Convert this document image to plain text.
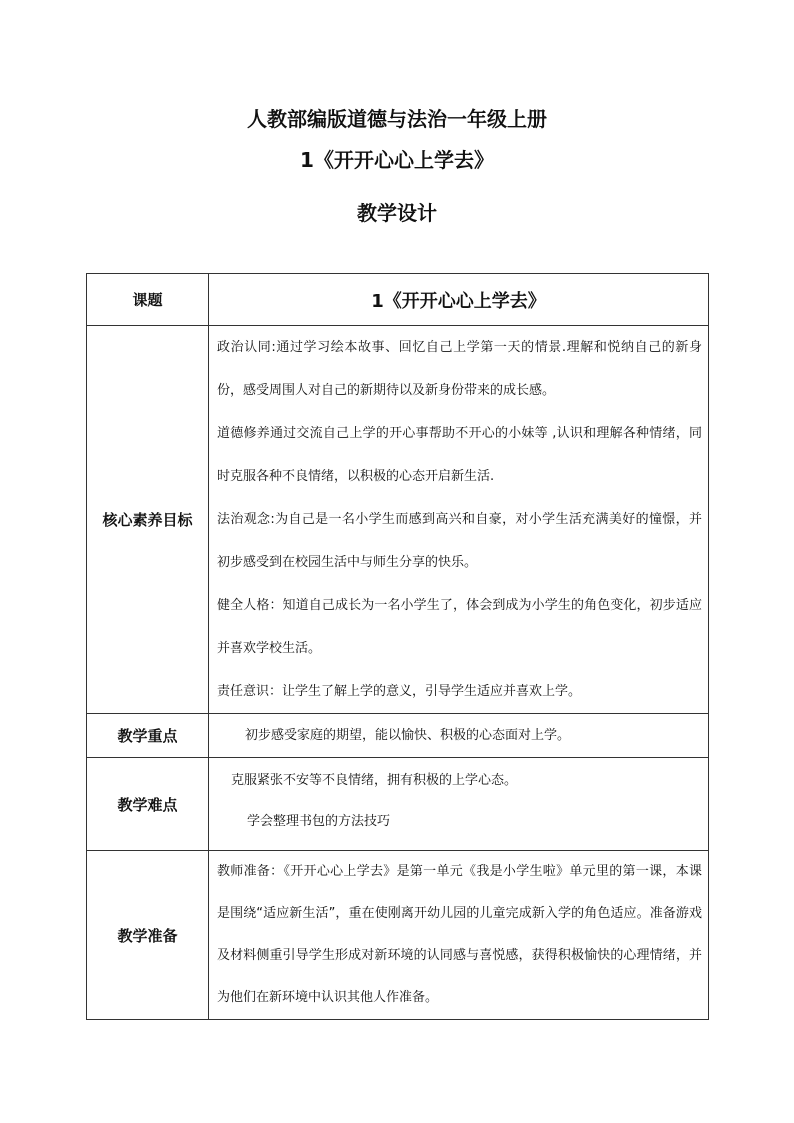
人教部编版道德与法治一年级上册
1《开开心心上学去》
教学设计
课题	1《开开心心上学去》
核心素养目标	政治认同:通过学习绘本故事、回忆自己上学第一天的情景.理解和悦纳自己的新身份，感受周围人对自己的新期待以及新身份带来的成长感。

道德修养通过交流自己上学的开心事帮助不开心的小妹等 ,认识和理解各种情绪，同时克服各种不良情绪，以积极的心态开启新生活.

法治观念:为自己是一名小学生而感到高兴和自豪，对小学生活充满美好的憧憬，并初步感受到在校园生活中与师生分享的快乐。

健全人格：知道自己成长为一名小学生了，体会到成为小学生的角色变化，初步适应并喜欢学校生活。

责任意识：让学生了解上学的意义，引导学生适应并喜欢上学。

教学重点	初步感受家庭的期望，能以愉快、积极的心态面对上学。

教学难点	克服紧张不安等不良情绪，拥有积极的上学心态。

学会整理书包的方法技巧

教学准备	教师准备：《开开心心上学去》是第一单元《我是小学生啦》单元里的第一课，本课是围绕“适应新生活”，重在使刚离开幼儿园的儿童完成新入学的角色适应。准备游戏及材料侧重引导学生形成对新环境的认同感与喜悦感，获得积极愉快的心理情绪，并为他们在新环境中认识其他人作准备。
